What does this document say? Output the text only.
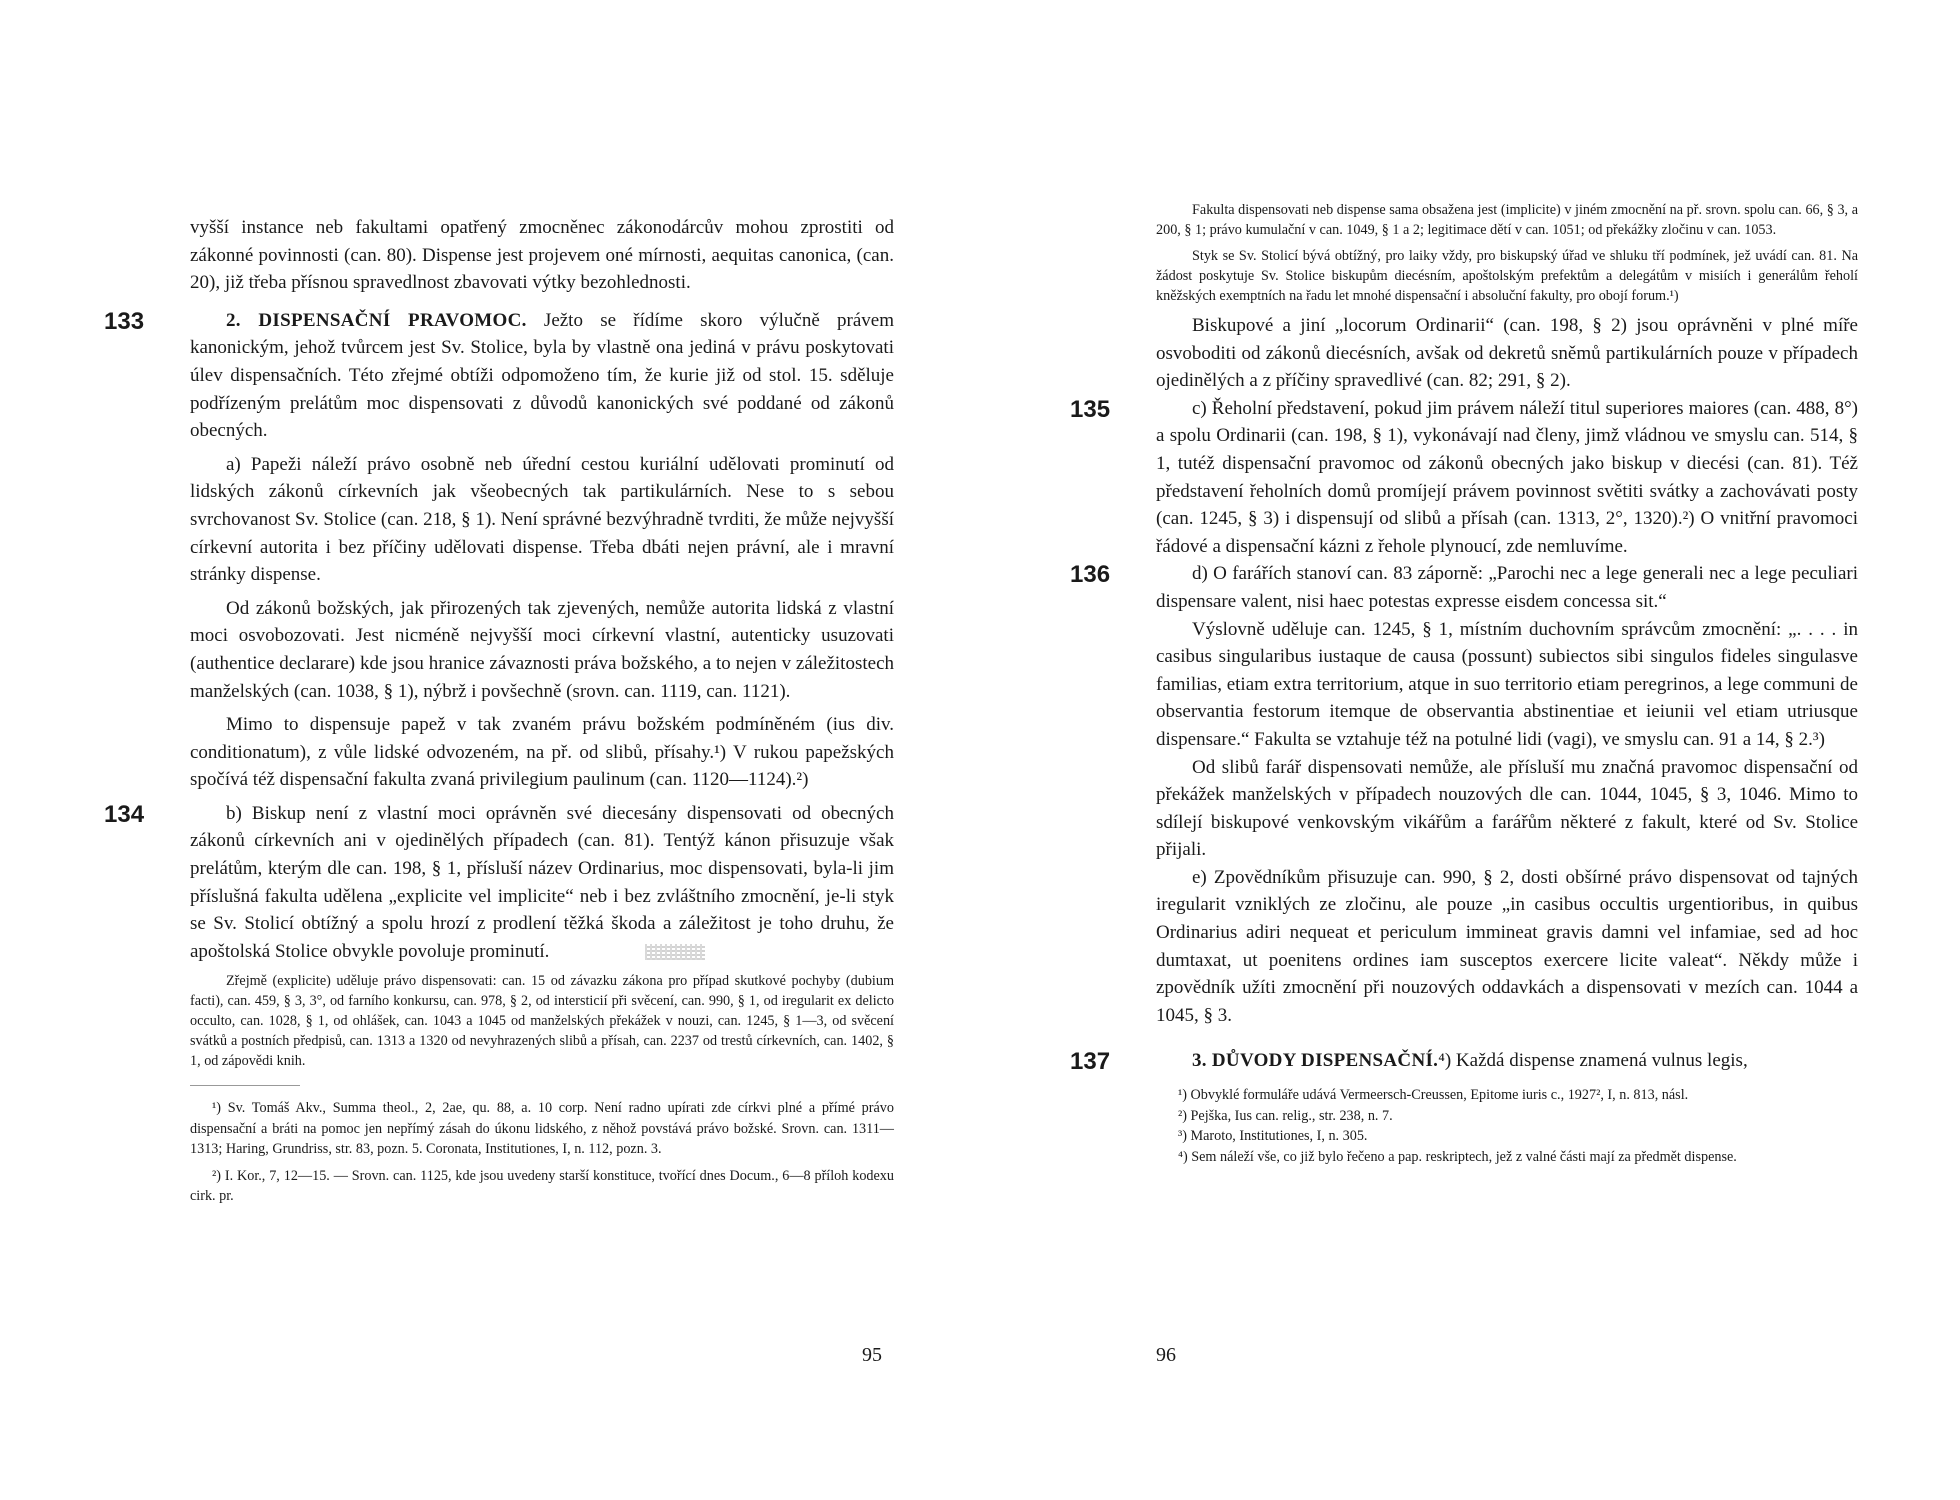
vyšší instance neb fakultami opatřený zmocněnec zákonodárcův mohou zprostiti od zákonné povinnosti (can. 80). Dispense jest projevem oné mírnosti, aequitas canonica, (can. 20), již třeba přísnou spravedlnost zbavovati výtky bezohlednosti.

133	2. DISPENSAČNÍ PRAVOMOC. Ježto se řídíme skoro výlučně právem kanonickým, jehož tvůrcem jest Sv. Stolice, byla by vlastně ona jediná v právu poskytovati úlev dispensačních. Této zřejmé obtíži odpomoženo tím, že kurie již od stol. 15. sděluje podřízeným prelátům moc dispensovati z důvodů kanonických své poddané od zákonů obecných.

a) Papeži náleží právo osobně neb úřední cestou kuriální udělovati prominutí od lidských zákonů církevních jak všeobecných tak partikulárních. Nese to s sebou svrchovanost Sv. Stolice (can. 218, § 1). Není správné bezvýhradně tvrditi, že může nejvyšší církevní autorita i bez příčiny udělovati dispense. Třeba dbáti nejen právní, ale i mravní stránky dispense.

Od zákonů božských, jak přirozených tak zjevených, nemůže autorita lidská z vlastní moci osvobozovati. Jest nicméně nejvyšší moci církevní vlastní, autenticky usuzovati (authentice declarare) kde jsou hranice závaznosti práva božského, a to nejen v záležitostech manželských (can. 1038, § 1), nýbrž i povšechně (srovn. can. 1119, can. 1121).

Mimo to dispensuje papež v tak zvaném právu božském podmíněném (ius div. conditionatum), z vůle lidské odvozeném, na př. od slibů, přísahy.¹) V rukou papežských spočívá též dispensační fakulta zvaná privilegium paulinum (can. 1120—1124).²)

134	b) Biskup není z vlastní moci oprávněn své diecesány dispensovati od obecných zákonů církevních ani v ojedinělých případech (can. 81). Tentýž kánon přisuzuje však prelátům, kterým dle can. 198, § 1, přísluší název Ordinarius, moc dispensovati, byla-li jim příslušná fakulta udělena „explicite vel implicite“ neb i bez zvláštního zmocnění, je-li styk se Sv. Stolicí obtížný a spolu hrozí z prodlení těžká škoda a záležitost je toho druhu, že apoštolská Stolice obvykle povoluje prominutí.

Zřejmě (explicite) uděluje právo dispensovati: can. 15 od závazku zákona pro případ skutkové pochyby (dubium facti), can. 459, § 3, 3°, od farního konkursu, can. 978, § 2, od intersticií při svěcení, can. 990, § 1, od iregularit ex delicto occulto, can. 1028, § 1, od ohlášek, can. 1043 a 1045 od manželských překážek v nouzi, can. 1245, § 1—3, od svěcení svátků a postních předpisů, can. 1313 a 1320 od nevyhrazených slibů a přísah, can. 2237 od trestů církevních, can. 1402, § 1, od zápovědi knih.

¹) Sv. Tomáš Akv., Summa theol., 2, 2ae, qu. 88, a. 10 corp. Není radno upírati zde církvi plné a přímé právo dispensační a bráti na pomoc jen nepřímý zásah do úkonu lidského, z něhož povstává právo božské. Srovn. can. 1311—1313; Haring, Grundriss, str. 83, pozn. 5. Coronata, Institutiones, I, n. 112, pozn. 3.

²) I. Kor., 7, 12—15. — Srovn. can. 1125, kde jsou uvedeny starší konstituce, tvořící dnes Docum., 6—8 příloh kodexu cirk. pr.

95

Fakulta dispensovati neb dispense sama obsažena jest (implicite) v jiném zmocnění na př. srovn. spolu can. 66, § 3, a 200, § 1; právo kumulační v can. 1049, § 1 a 2; legitimace dětí v can. 1051; od překážky zločinu v can. 1053.

Styk se Sv. Stolicí bývá obtížný, pro laiky vždy, pro biskupský úřad ve shluku tří podmínek, jež uvádí can. 81. Na žádost poskytuje Sv. Stolice biskupům diecésním, apoštolským prefektům a delegátům v misiích i generálům řeholí kněžských exemptních na řadu let mnohé dispensační i absoluční fakulty, pro obojí forum.¹)

Biskupové a jiní „locorum Ordinarii“ (can. 198, § 2) jsou oprávněni v plné míře osvoboditi od zákonů diecésních, avšak od dekretů sněmů partikulárních pouze v případech ojedinělých a z příčiny spravedlivé (can. 82; 291, § 2).

135	c) Řeholní představení, pokud jim právem náleží titul superiores maiores (can. 488, 8°) a spolu Ordinarii (can. 198, § 1), vykonávají nad členy, jimž vládnou ve smyslu can. 514, § 1, tutéž dispensační pravomoc od zákonů obecných jako biskup v diecési (can. 81). Též představení řeholních domů promíjejí právem povinnost světiti svátky a zachovávati posty (can. 1245, § 3) i dispensují od slibů a přísah (can. 1313, 2°, 1320).²) O vnitřní pravomoci řádové a dispensační kázni z řehole plynoucí, zde nemluvíme.

136	d) O farářích stanoví can. 83 záporně: „Parochi nec a lege generali nec a lege peculiari dispensare valent, nisi haec potestas expresse eisdem concessa sit.“

Výslovně uděluje can. 1245, § 1, místním duchovním správcům zmocnění: „. . . . in casibus singularibus iustaque de causa (possunt) subiectos sibi singulos fideles singulasve familias, etiam extra territorium, atque in suo territorio etiam peregrinos, a lege communi de observantia festorum itemque de observantia abstinentiae et ieiunii vel etiam utriusque dispensare.“ Fakulta se vztahuje též na potulné lidi (vagi), ve smyslu can. 91 a 14, § 2.³)

Od slibů farář dispensovati nemůže, ale přísluší mu značná pravomoc dispensační od překážek manželských v případech nouzových dle can. 1044, 1045, § 3, 1046. Mimo to sdílejí biskupové venkovským vikářům a farářům některé z fakult, které od Sv. Stolice přijali.

e) Zpovědníkům přisuzuje can. 990, § 2, dosti obšírné právo dispensovat od tajných iregularit vzniklých ze zločinu, ale pouze „in casibus occultis urgentioribus, in quibus Ordinarius adiri nequeat et periculum immineat gravis damni vel infamiae, sed ad hoc dumtaxat, ut poenitens ordines iam susceptos exercere licite valeat“. Někdy může i zpovědník užíti zmocnění při nouzových oddavkách a dispensovati v mezích can. 1044 a 1045, § 3.

137	3. DŮVODY DISPENSAČNÍ.⁴) Každá dispense znamená vulnus legis,

¹) Obvyklé formuláře udává Vermeersch-Creussen, Epitome iuris c., 1927², I, n. 813, násl.

²) Pejška, Ius can. relig., str. 238, n. 7.

³) Maroto, Institutiones, I, n. 305.

⁴) Sem náleží vše, co již bylo řečeno a pap. reskriptech, jež z valné části mají za předmět dispense.

96
